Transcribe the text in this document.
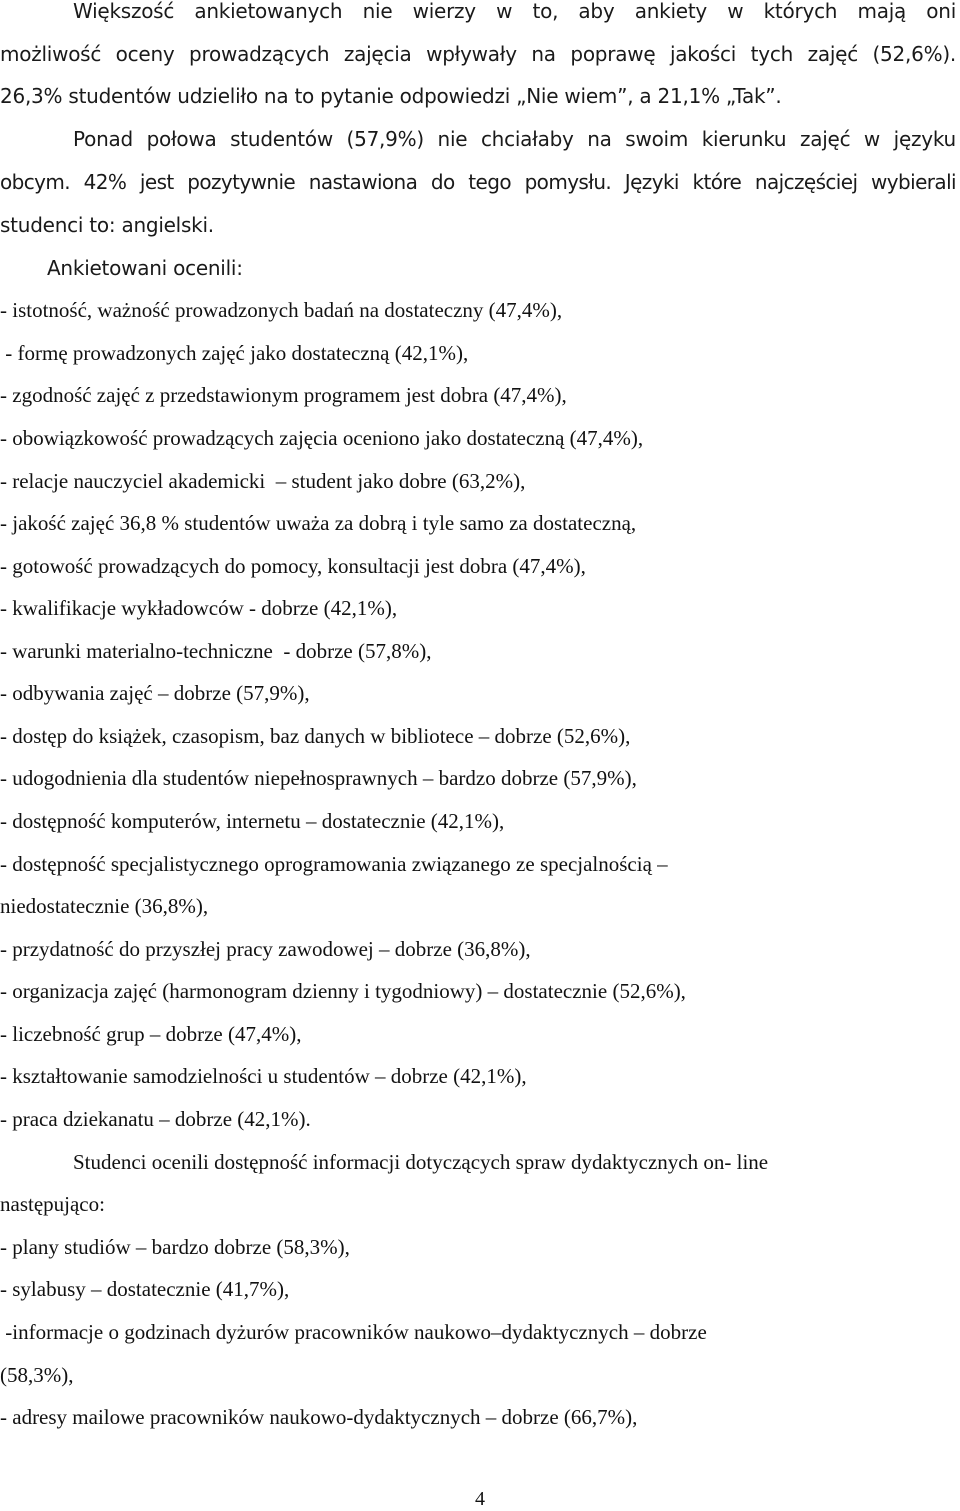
Większość ankietowanych nie wierzy w to, aby ankiety w których mają oni
możliwość oceny prowadzących zajęcia wpływały na poprawę jakości tych zajęć (52,6%).
26,3% studentów udzieliło na to pytanie odpowiedzi „Nie wiem”, a 21,1% „Tak”.
Ponad połowa studentów (57,9%) nie chciałaby na swoim kierunku zajęć w języku
obcym. 42% jest pozytywnie nastawiona do tego pomysłu. Języki które najczęściej wybierali
studenci to: angielski.
Ankietowani ocenili:
- istotność, ważność prowadzonych badań na dostateczny (47,4%),
- formę prowadzonych zajęć jako dostateczną (42,1%),
- zgodność zajęć z przedstawionym programem jest dobra (47,4%),
- obowiązkowość prowadzących zajęcia oceniono jako dostateczną (47,4%),
- relacje nauczyciel akademicki  – student jako dobre (63,2%),
- jakość zajęć 36,8 % studentów uważa za dobrą i tyle samo za dostateczną,
- gotowość prowadzących do pomocy, konsultacji jest dobra (47,4%),
- kwalifikacje wykładowców - dobrze (42,1%),
- warunki materialno-techniczne  - dobrze (57,8%),
- odbywania zajęć – dobrze (57,9%),
- dostęp do książek, czasopism, baz danych w bibliotece – dobrze (52,6%),
- udogodnienia dla studentów niepełnosprawnych – bardzo dobrze (57,9%),
- dostępność komputerów, internetu – dostatecznie (42,1%),
- dostępność specjalistycznego oprogramowania związanego ze specjalnością –
niedostatecznie (36,8%),
- przydatność do przyszłej pracy zawodowej – dobrze (36,8%),
- organizacja zajęć (harmonogram dzienny i tygodniowy) – dostatecznie (52,6%),
- liczebność grup – dobrze (47,4%),
- kształtowanie samodzielności u studentów – dobrze (42,1%),
- praca dziekanatu – dobrze (42,1%).
Studenci ocenili dostępność informacji dotyczących spraw dydaktycznych on- line
następująco:
- plany studiów – bardzo dobrze (58,3%),
- sylabusy – dostatecznie (41,7%),
-informacje o godzinach dyżurów pracowników naukowo–dydaktycznych – dobrze
(58,3%),
- adresy mailowe pracowników naukowo-dydaktycznych – dobrze (66,7%),
4
